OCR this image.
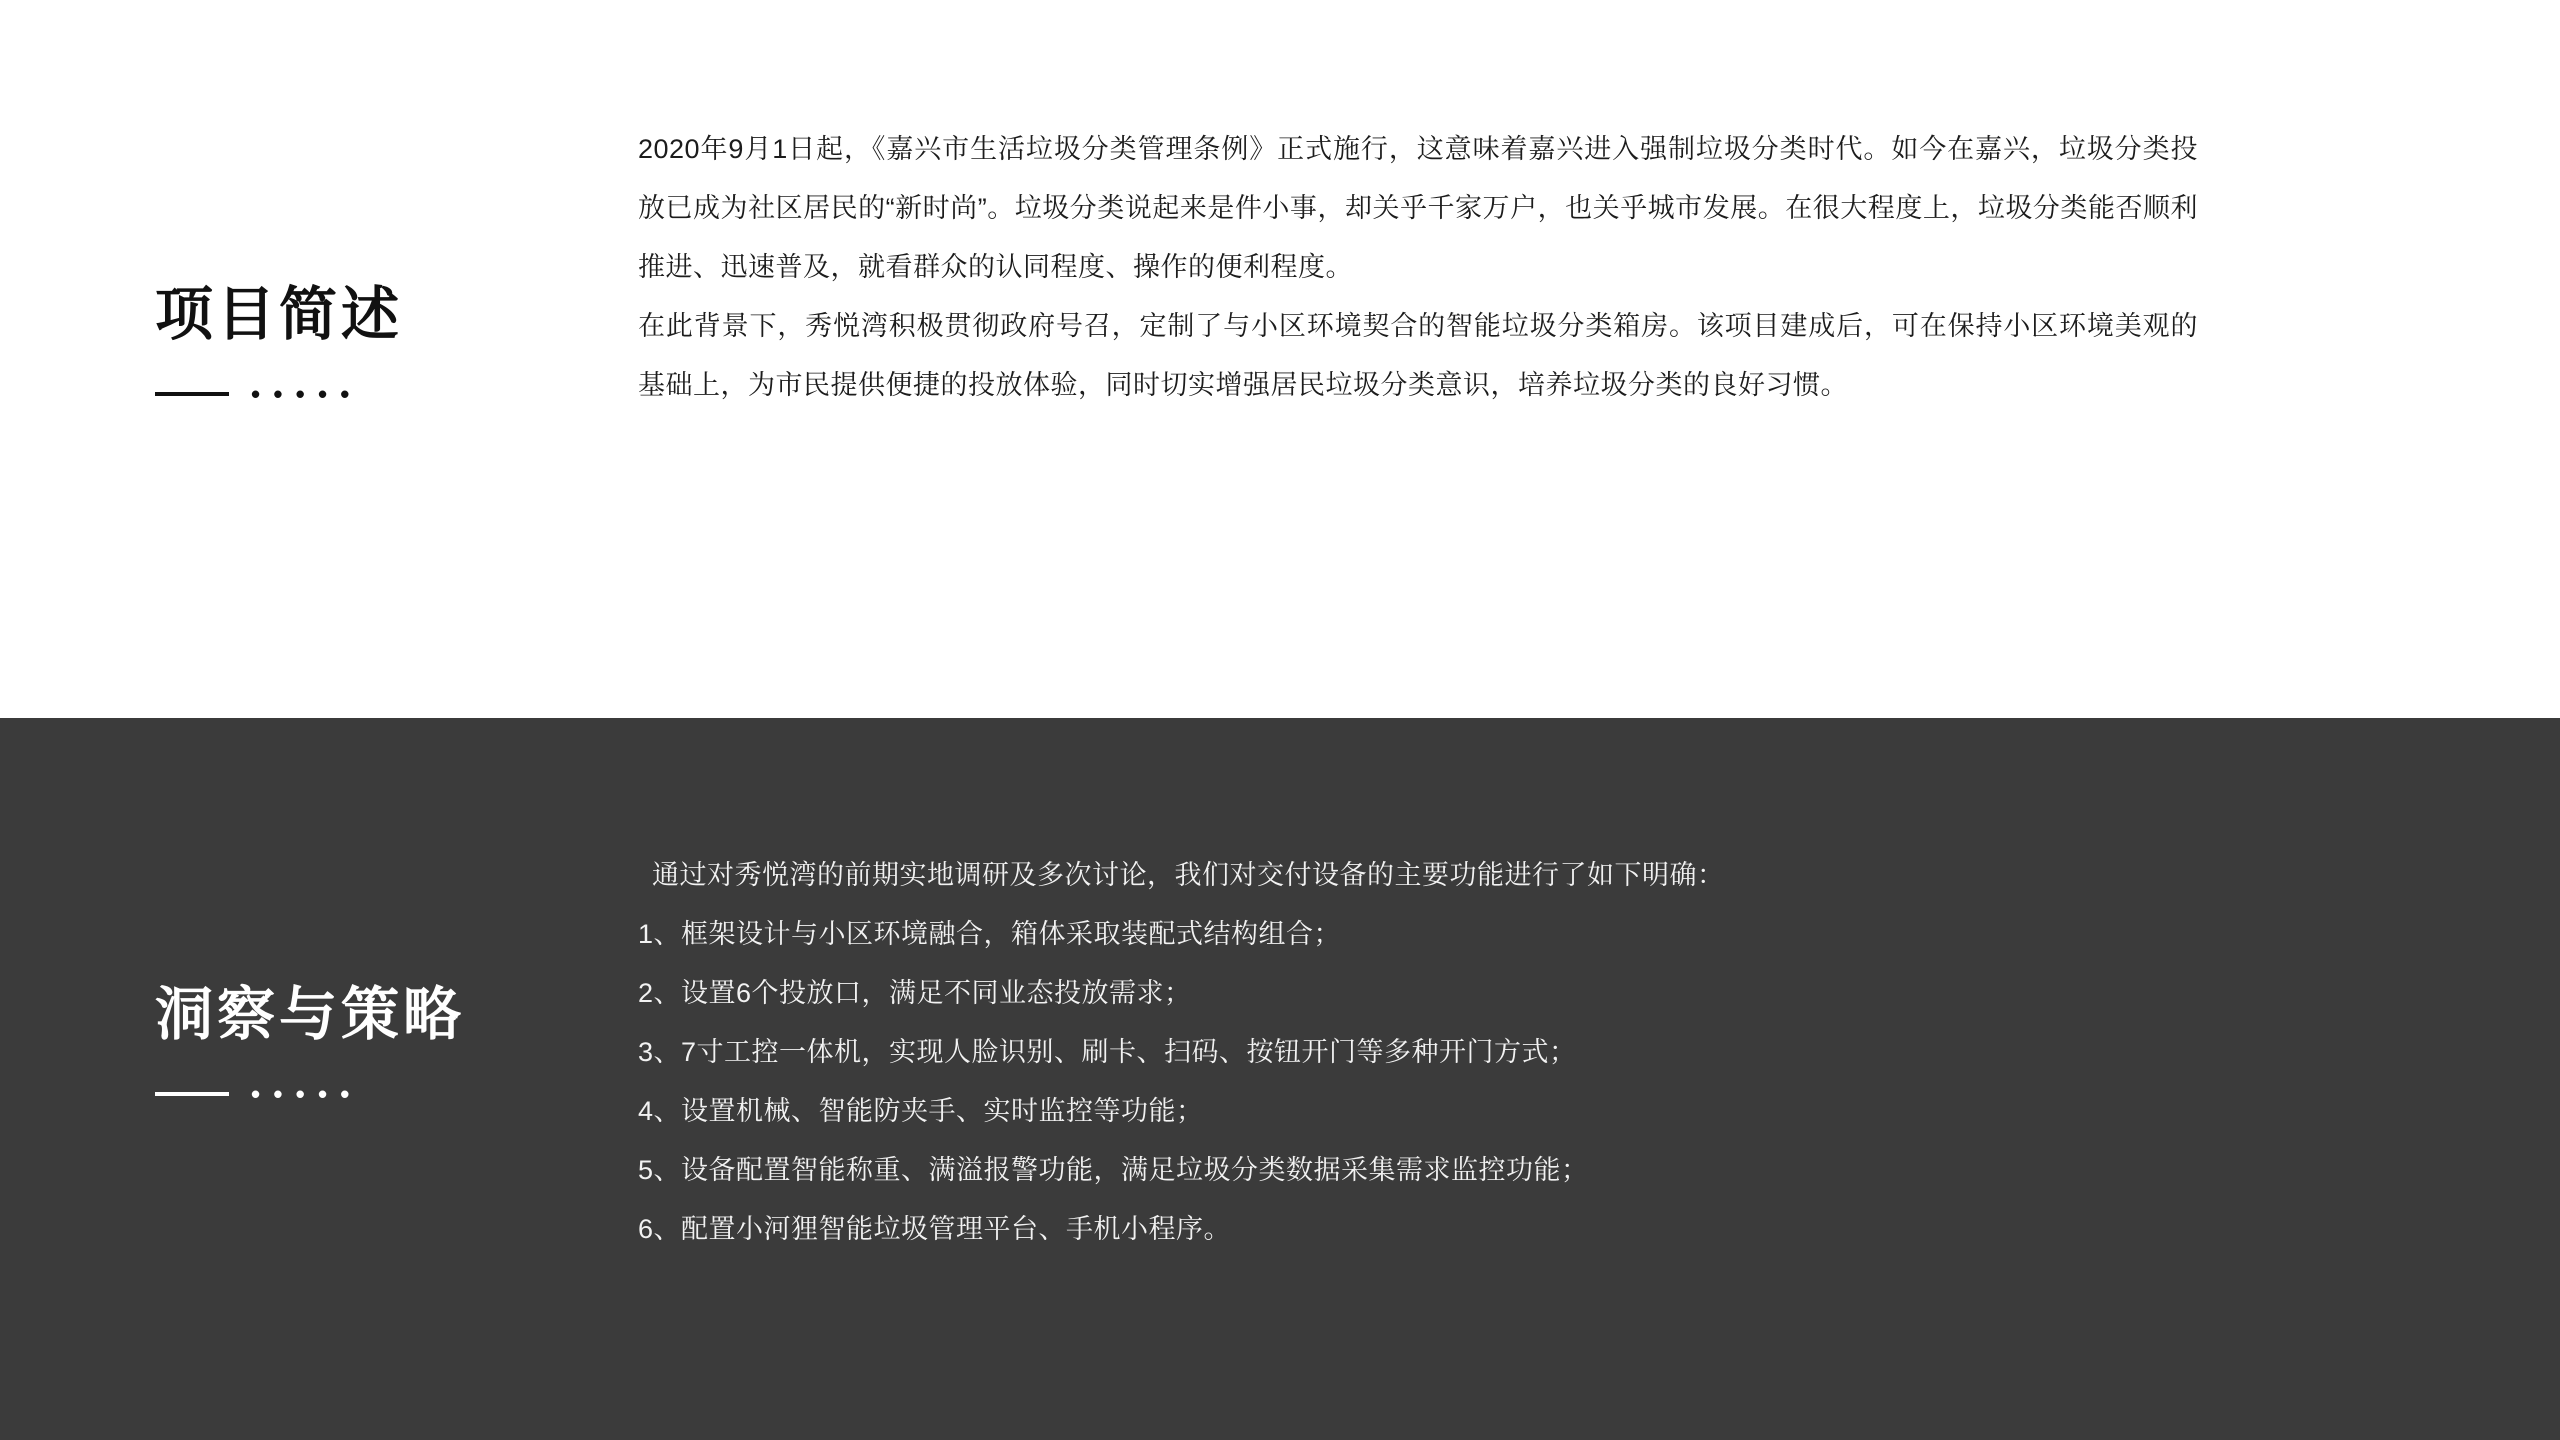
项目简述
• • • • •

2020年9月1日起，《嘉兴市生活垃圾分类管理条例》正式施行，这意味着嘉兴进入强制垃圾分类时代。如今在嘉兴，垃圾分类投放已成为社区居民的“新时尚”。垃圾分类说起来是件小事，却关乎千家万户，也关乎城市发展。在很大程度上，垃圾分类能否顺利推进、迅速普及，就看群众的认同程度、操作的便利程度。

在此背景下，秀悦湾积极贯彻政府号召，定制了与小区环境契合的智能垃圾分类箱房。该项目建成后，可在保持小区环境美观的基础上，为市民提供便捷的投放体验，同时切实增强居民垃圾分类意识，培养垃圾分类的良好习惯。

洞察与策略
• • • • •

通过对秀悦湾的前期实地调研及多次讨论，我们对交付设备的主要功能进行了如下明确：

1、框架设计与小区环境融合，箱体采取装配式结构组合；

2、设置6个投放口，满足不同业态投放需求；

3、7寸工控一体机，实现人脸识别、刷卡、扫码、按钮开门等多种开门方式；

4、设置机械、智能防夹手、实时监控等功能；

5、设备配置智能称重、满溢报警功能，满足垃圾分类数据采集需求监控功能；

6、配置小河狸智能垃圾管理平台、手机小程序。
